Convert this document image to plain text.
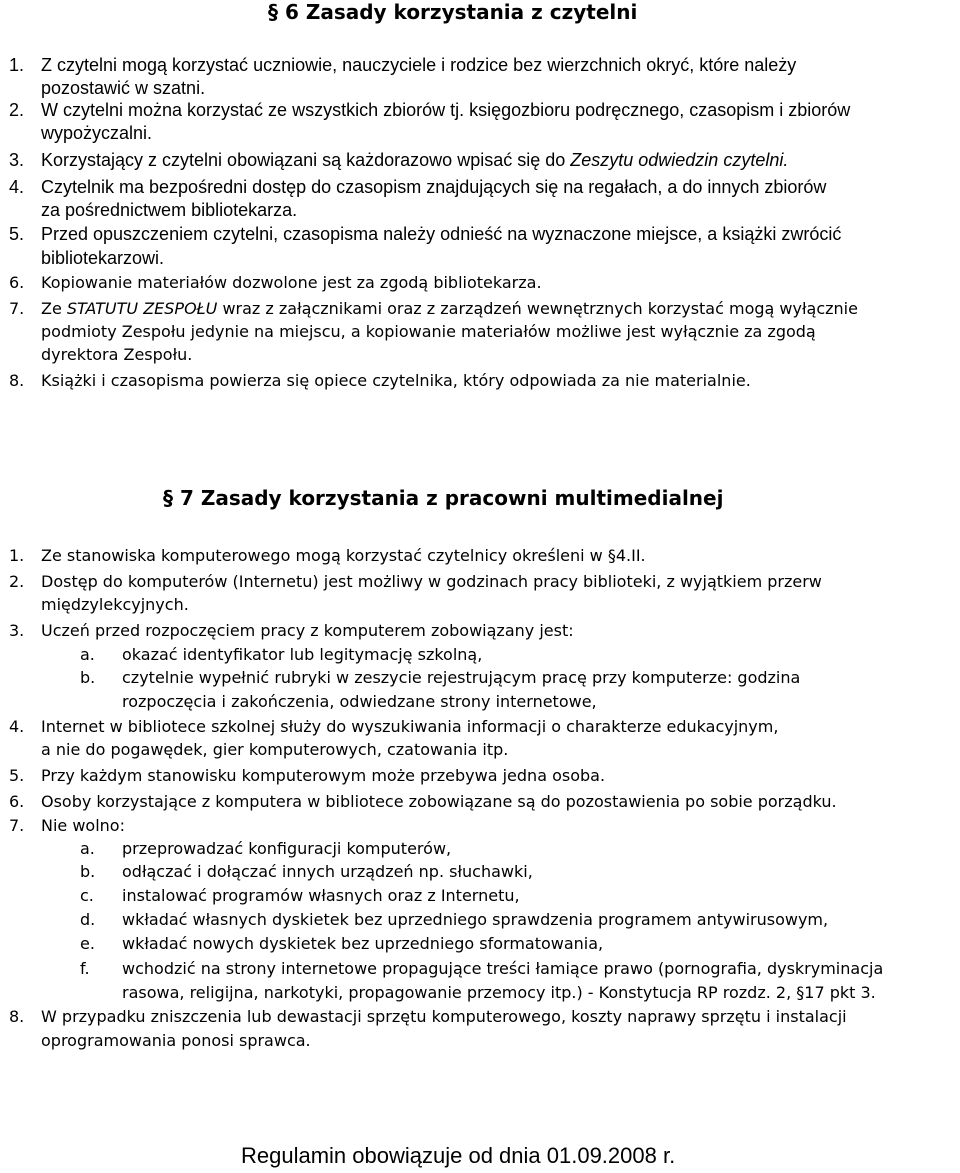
§ 6 Zasady korzystania z czytelni
1. Z czytelni mogą korzystać uczniowie, nauczyciele i rodzice bez wierzchnich okryć, które należy
pozostawić w szatni.
2. W czytelni można korzystać ze wszystkich zbiorów tj. księgozbioru podręcznego, czasopism i zbiorów
wypożyczalni.
3. Korzystający z czytelni obowiązani są każdorazowo wpisać się do Zeszytu odwiedzin czytelni.
4. Czytelnik ma bezpośredni dostęp do czasopism znajdujących się na regałach, a do innych zbiorów
za pośrednictwem bibliotekarza.
5. Przed opuszczeniem czytelni, czasopisma należy odnieść na wyznaczone miejsce, a książki zwrócić
bibliotekarzowi.
6. Kopiowanie materiałów dozwolone jest za zgodą bibliotekarza.
7. Ze STATUTU ZESPOŁU wraz z załącznikami oraz z zarządzeń wewnętrznych korzystać mogą wyłącznie
podmioty Zespołu jedynie na miejscu, a kopiowanie materiałów możliwe jest wyłącznie za zgodą
dyrektora Zespołu.
8. Książki i czasopisma powierza się opiece czytelnika, który odpowiada za nie materialnie.
§ 7 Zasady korzystania z pracowni multimedialnej
1. Ze stanowiska komputerowego mogą korzystać czytelnicy określeni w §4.II.
2. Dostęp do komputerów (Internetu) jest możliwy w godzinach pracy biblioteki, z wyjątkiem przerw
międzylekcyjnych.
3. Uczeń przed rozpoczęciem pracy z komputerem zobowiązany jest:
a. okazać identyfikator lub legitymację szkolną,
b. czytelnie wypełnić rubryki w zeszycie rejestrującym pracę przy komputerze: godzina
rozpoczęcia i zakończenia, odwiedzane strony internetowe,
4. Internet w bibliotece szkolnej służy do wyszukiwania informacji o charakterze edukacyjnym,
a nie do pogawędek, gier komputerowych, czatowania itp.
5. Przy każdym stanowisku komputerowym może przebywa jedna osoba.
6. Osoby korzystające z komputera w bibliotece zobowiązane są do pozostawienia po sobie porządku.
7. Nie wolno:
a. przeprowadzać konfiguracji komputerów,
b. odłączać i dołączać innych urządzeń np. słuchawki,
c. instalować programów własnych oraz z Internetu,
d. wkładać własnych dyskietek bez uprzedniego sprawdzenia programem antywirusowym,
e. wkładać nowych dyskietek bez uprzedniego sformatowania,
f. wchodzić na strony internetowe propagujące treści łamiące prawo (pornografia, dyskryminacja
rasowa, religijna, narkotyki, propagowanie przemocy itp.) - Konstytucja RP rozdz. 2, §17 pkt 3.
8. W przypadku zniszczenia lub dewastacji sprzętu komputerowego, koszty naprawy sprzętu i instalacji
oprogramowania ponosi sprawca.
Regulamin obowiązuje od dnia 01.09.2008 r.
